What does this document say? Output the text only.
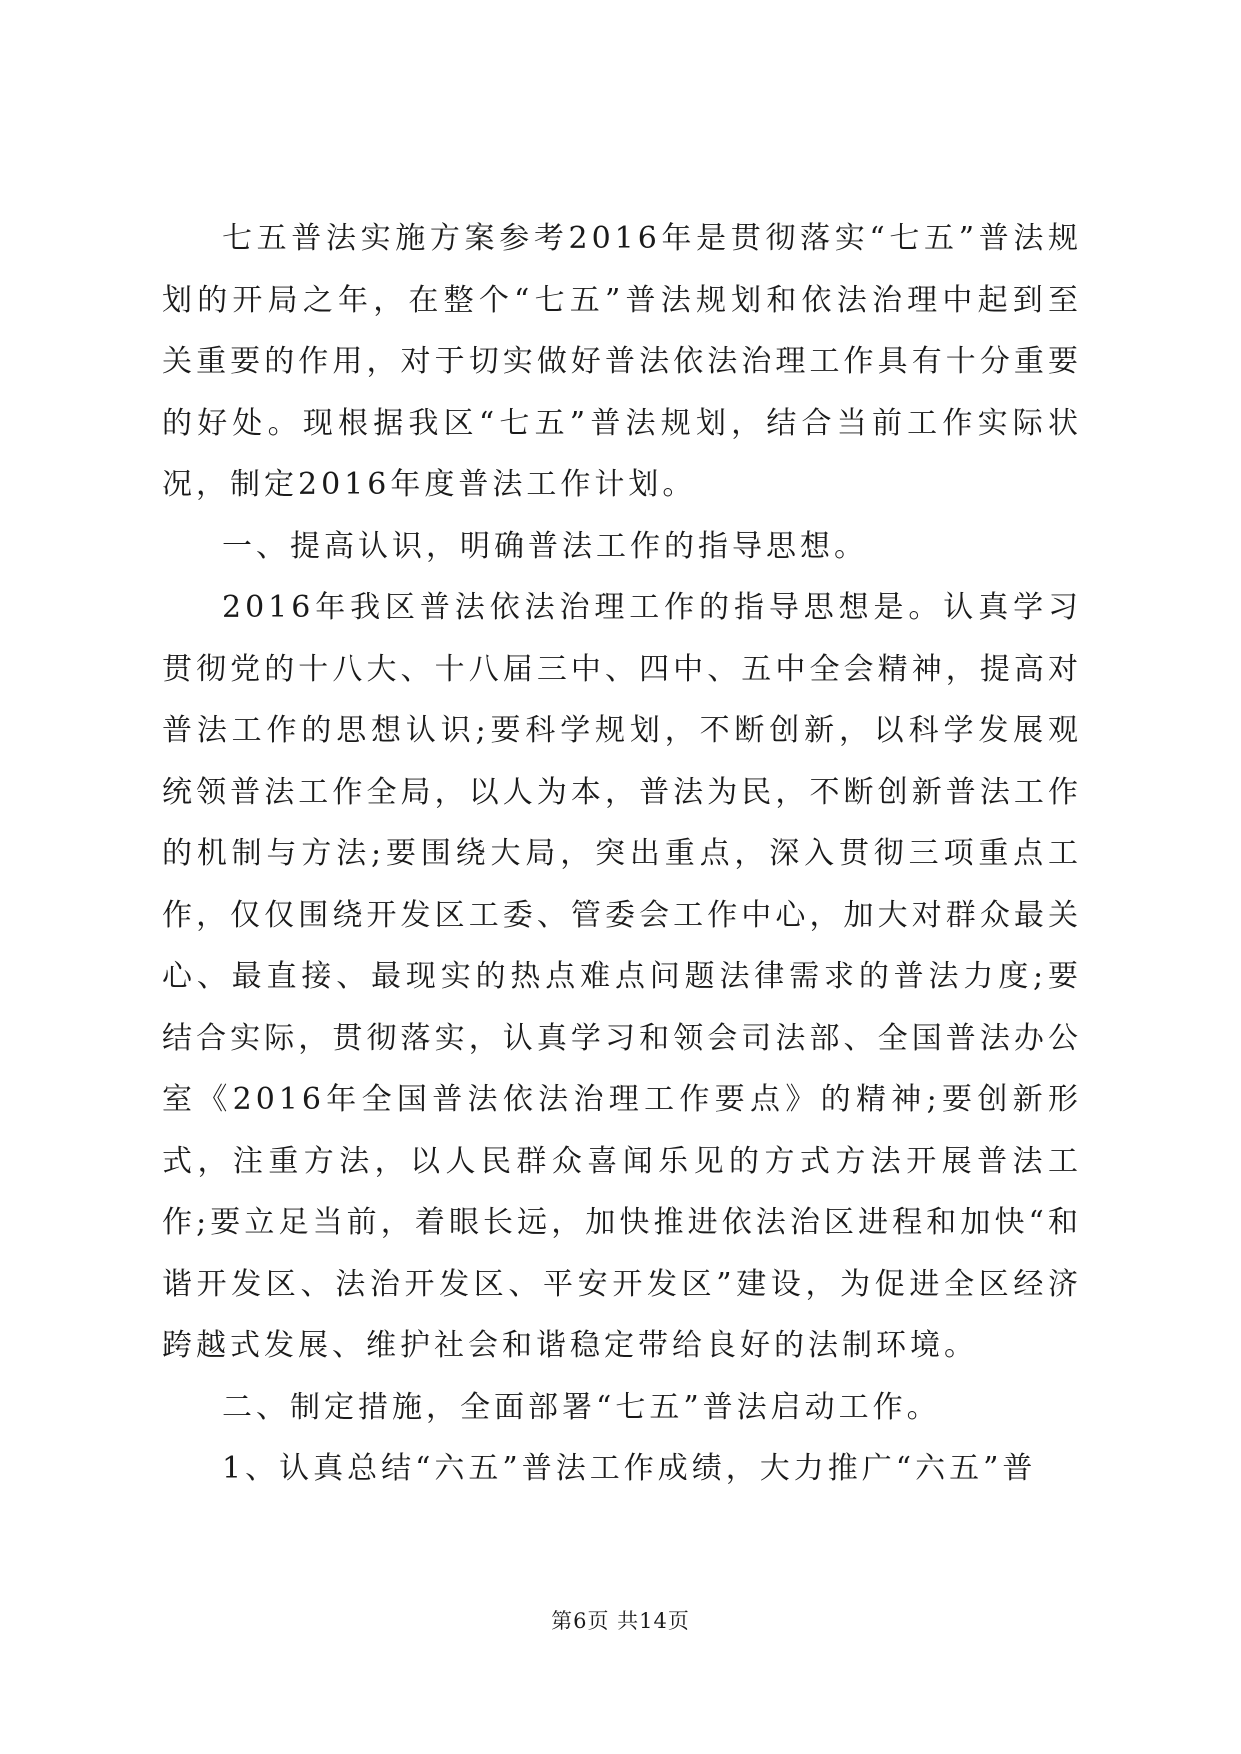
七五普法实施方案参考2016年是贯彻落实“七五”普法规划的开局之年，在整个“七五”普法规划和依法治理中起到至关重要的作用，对于切实做好普法依法治理工作具有十分重要的好处。现根据我区“七五”普法规划，结合当前工作实际状况，制定2016年度普法工作计划。

一、提高认识，明确普法工作的指导思想。

2016年我区普法依法治理工作的指导思想是。认真学习贯彻党的十八大、十八届三中、四中、五中全会精神，提高对普法工作的思想认识;要科学规划，不断创新，以科学发展观统领普法工作全局，以人为本，普法为民，不断创新普法工作的机制与方法;要围绕大局，突出重点，深入贯彻三项重点工作，仅仅围绕开发区工委、管委会工作中心，加大对群众最关心、最直接、最现实的热点难点问题法律需求的普法力度;要结合实际，贯彻落实，认真学习和领会司法部、全国普法办公室《2016年全国普法依法治理工作要点》的精神;要创新形式，注重方法，以人民群众喜闻乐见的方式方法开展普法工作;要立足当前，着眼长远，加快推进依法治区进程和加快“和谐开发区、法治开发区、平安开发区”建设，为促进全区经济跨越式发展、维护社会和谐稳定带给良好的法制环境。

二、制定措施，全面部署“七五”普法启动工作。

1、认真总结“六五”普法工作成绩，大力推广“六五”普

第6页 共14页
